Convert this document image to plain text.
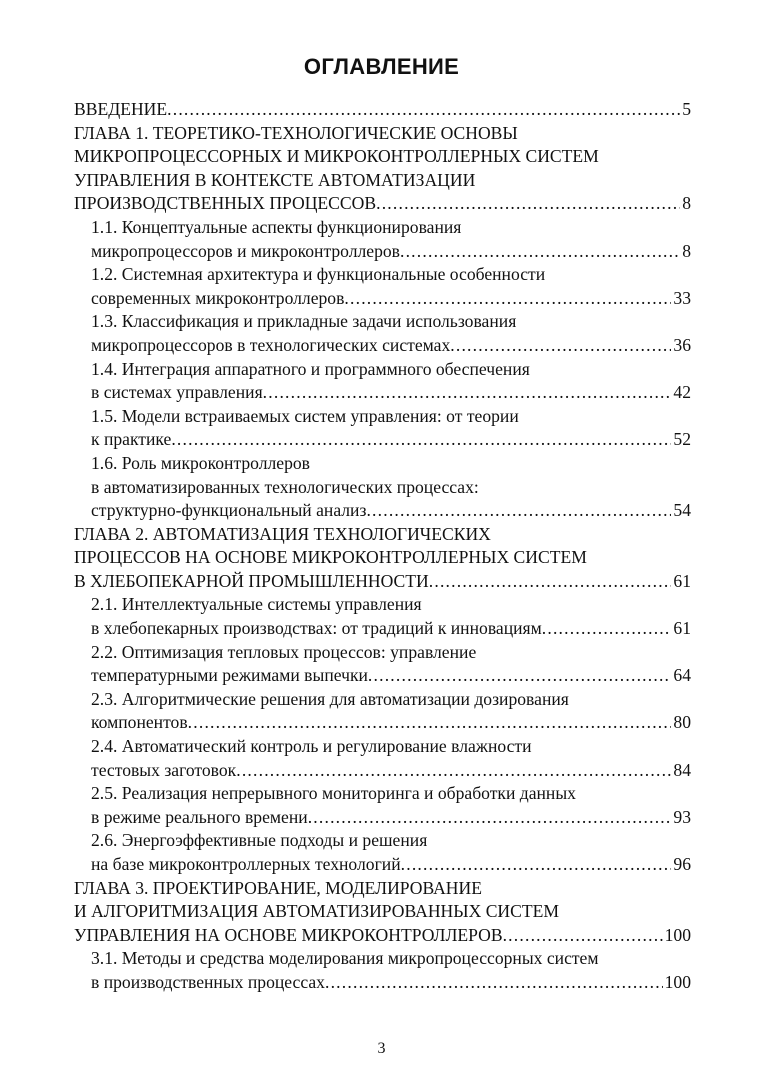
ОГЛАВЛЕНИЕ
ВВЕДЕНИЕ . . .	5
ГЛАВА 1. ТЕОРЕТИКО-ТЕХНОЛОГИЧЕСКИЕ ОСНОВЫ
МИКРОПРОЦЕССОРНЫХ И МИКРОКОНТРОЛЛЕРНЫХ СИСТЕМ
УПРАВЛЕНИЯ В КОНТЕКСТЕ АВТОМАТИЗАЦИИ
ПРОИЗВОДСТВЕННЫХ ПРОЦЕССОВ . . .	8
1.1. Концептуальные аспекты функционирования
микропроцессоров и микроконтроллеров . . .	8
1.2. Системная архитектура и функциональные особенности
современных микроконтроллеров . . .	33
1.3. Классификация и прикладные задачи использования
микропроцессоров в технологических системах . . .	36
1.4. Интеграция аппаратного и программного обеспечения
в системах управления . . .	42
1.5. Модели встраиваемых систем управления: от теории
к практике . . .	52
1.6. Роль микроконтроллеров
в автоматизированных технологических процессах:
структурно-функциональный анализ . . .	54
ГЛАВА 2. АВТОМАТИЗАЦИЯ ТЕХНОЛОГИЧЕСКИХ
ПРОЦЕССОВ НА ОСНОВЕ МИКРОКОНТРОЛЛЕРНЫХ СИСТЕМ
В ХЛЕБОПЕКАРНОЙ ПРОМЫШЛЕННОСТИ . . .	61
2.1. Интеллектуальные системы управления
в хлебопекарных производствах: от традиций к инновациям . . .	61
2.2. Оптимизация тепловых процессов: управление
температурными режимами выпечки . . .	64
2.3. Алгоритмические решения для автоматизации дозирования
компонентов . . .	80
2.4. Автоматический контроль и регулирование влажности
тестовых заготовок . . .	84
2.5. Реализация непрерывного мониторинга и обработки данных
в режиме реального времени . . .	93
2.6. Энергоэффективные подходы и решения
на базе микроконтроллерных технологий . . .	96
ГЛАВА 3. ПРОЕКТИРОВАНИЕ, МОДЕЛИРОВАНИЕ
И АЛГОРИТМИЗАЦИЯ АВТОМАТИЗИРОВАННЫХ СИСТЕМ
УПРАВЛЕНИЯ НА ОСНОВЕ МИКРОКОНТРОЛЛЕРОВ . . .	100
3.1. Методы и средства моделирования микропроцессорных систем
в производственных процессах . . .	100
3
